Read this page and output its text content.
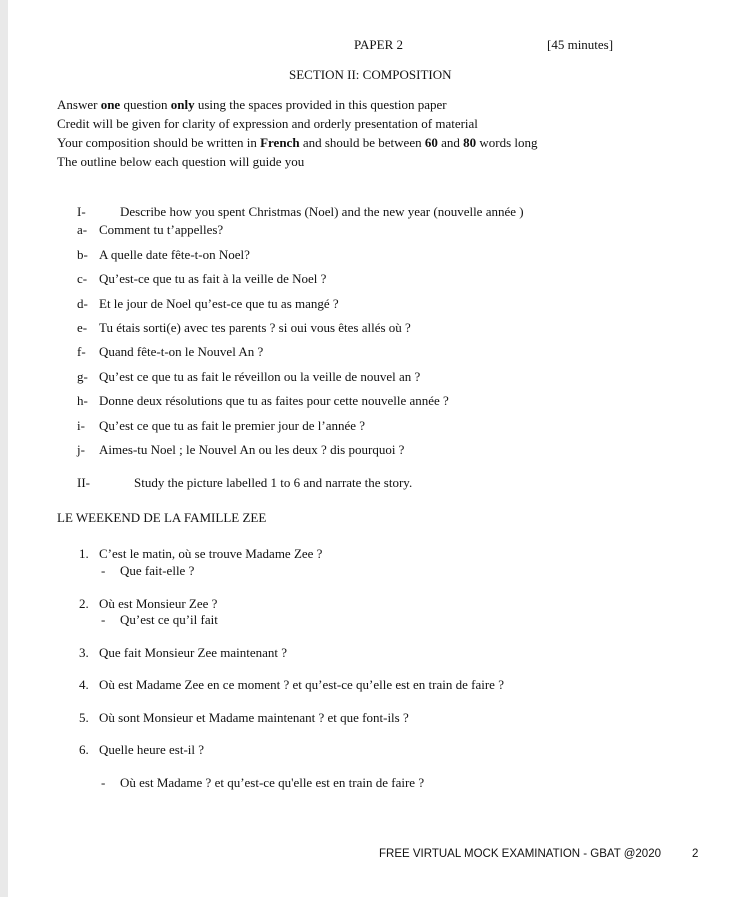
PAPER 2	[45 minutes]
SECTION II: COMPOSITION
Answer one question only using the spaces provided in this question paper
Credit will be given for clarity of expression and orderly presentation of material
Your composition should be written in French and should be between 60 and 80 words long
The outline below each question will guide you
I-	Describe how you spent Christmas (Noel) and the new year (nouvelle année )
a- Comment tu t’appelles?
b- A quelle date fête-t-on Noel?
c- Qu’est-ce que tu as fait à la veille de Noel ?
d- Et le jour de Noel qu’est-ce que tu as mangé ?
e- Tu étais sorti(e) avec tes parents ? si oui vous êtes allés où ?
f- Quand fête-t-on le Nouvel An ?
g- Qu’est ce que tu as fait le réveillon ou la veille de nouvel an ?
h- Donne deux résolutions que tu as faites pour cette nouvelle année ?
i- Qu’est ce que tu as fait le premier jour de l’année ?
j- Aimes-tu Noel ; le Nouvel An ou les deux ? dis pourquoi ?
II-	Study the picture labelled 1 to 6 and narrate the story.
LE WEEKEND DE LA FAMILLE ZEE
1. C’est le matin, où se trouve Madame Zee ?
- Que fait-elle ?
2. Où est Monsieur Zee ?
- Qu’est ce qu’il fait
3. Que fait Monsieur Zee maintenant ?
4. Où est Madame Zee en ce moment ? et qu’est-ce qu’elle est en train de faire ?
5. Où sont Monsieur et Madame maintenant ? et que font-ils ?
6. Quelle heure est-il ?
- Où est Madame ? et qu’est-ce qu'elle est en train de faire ?
FREE VIRTUAL MOCK EXAMINATION - GBAT @2020	2
